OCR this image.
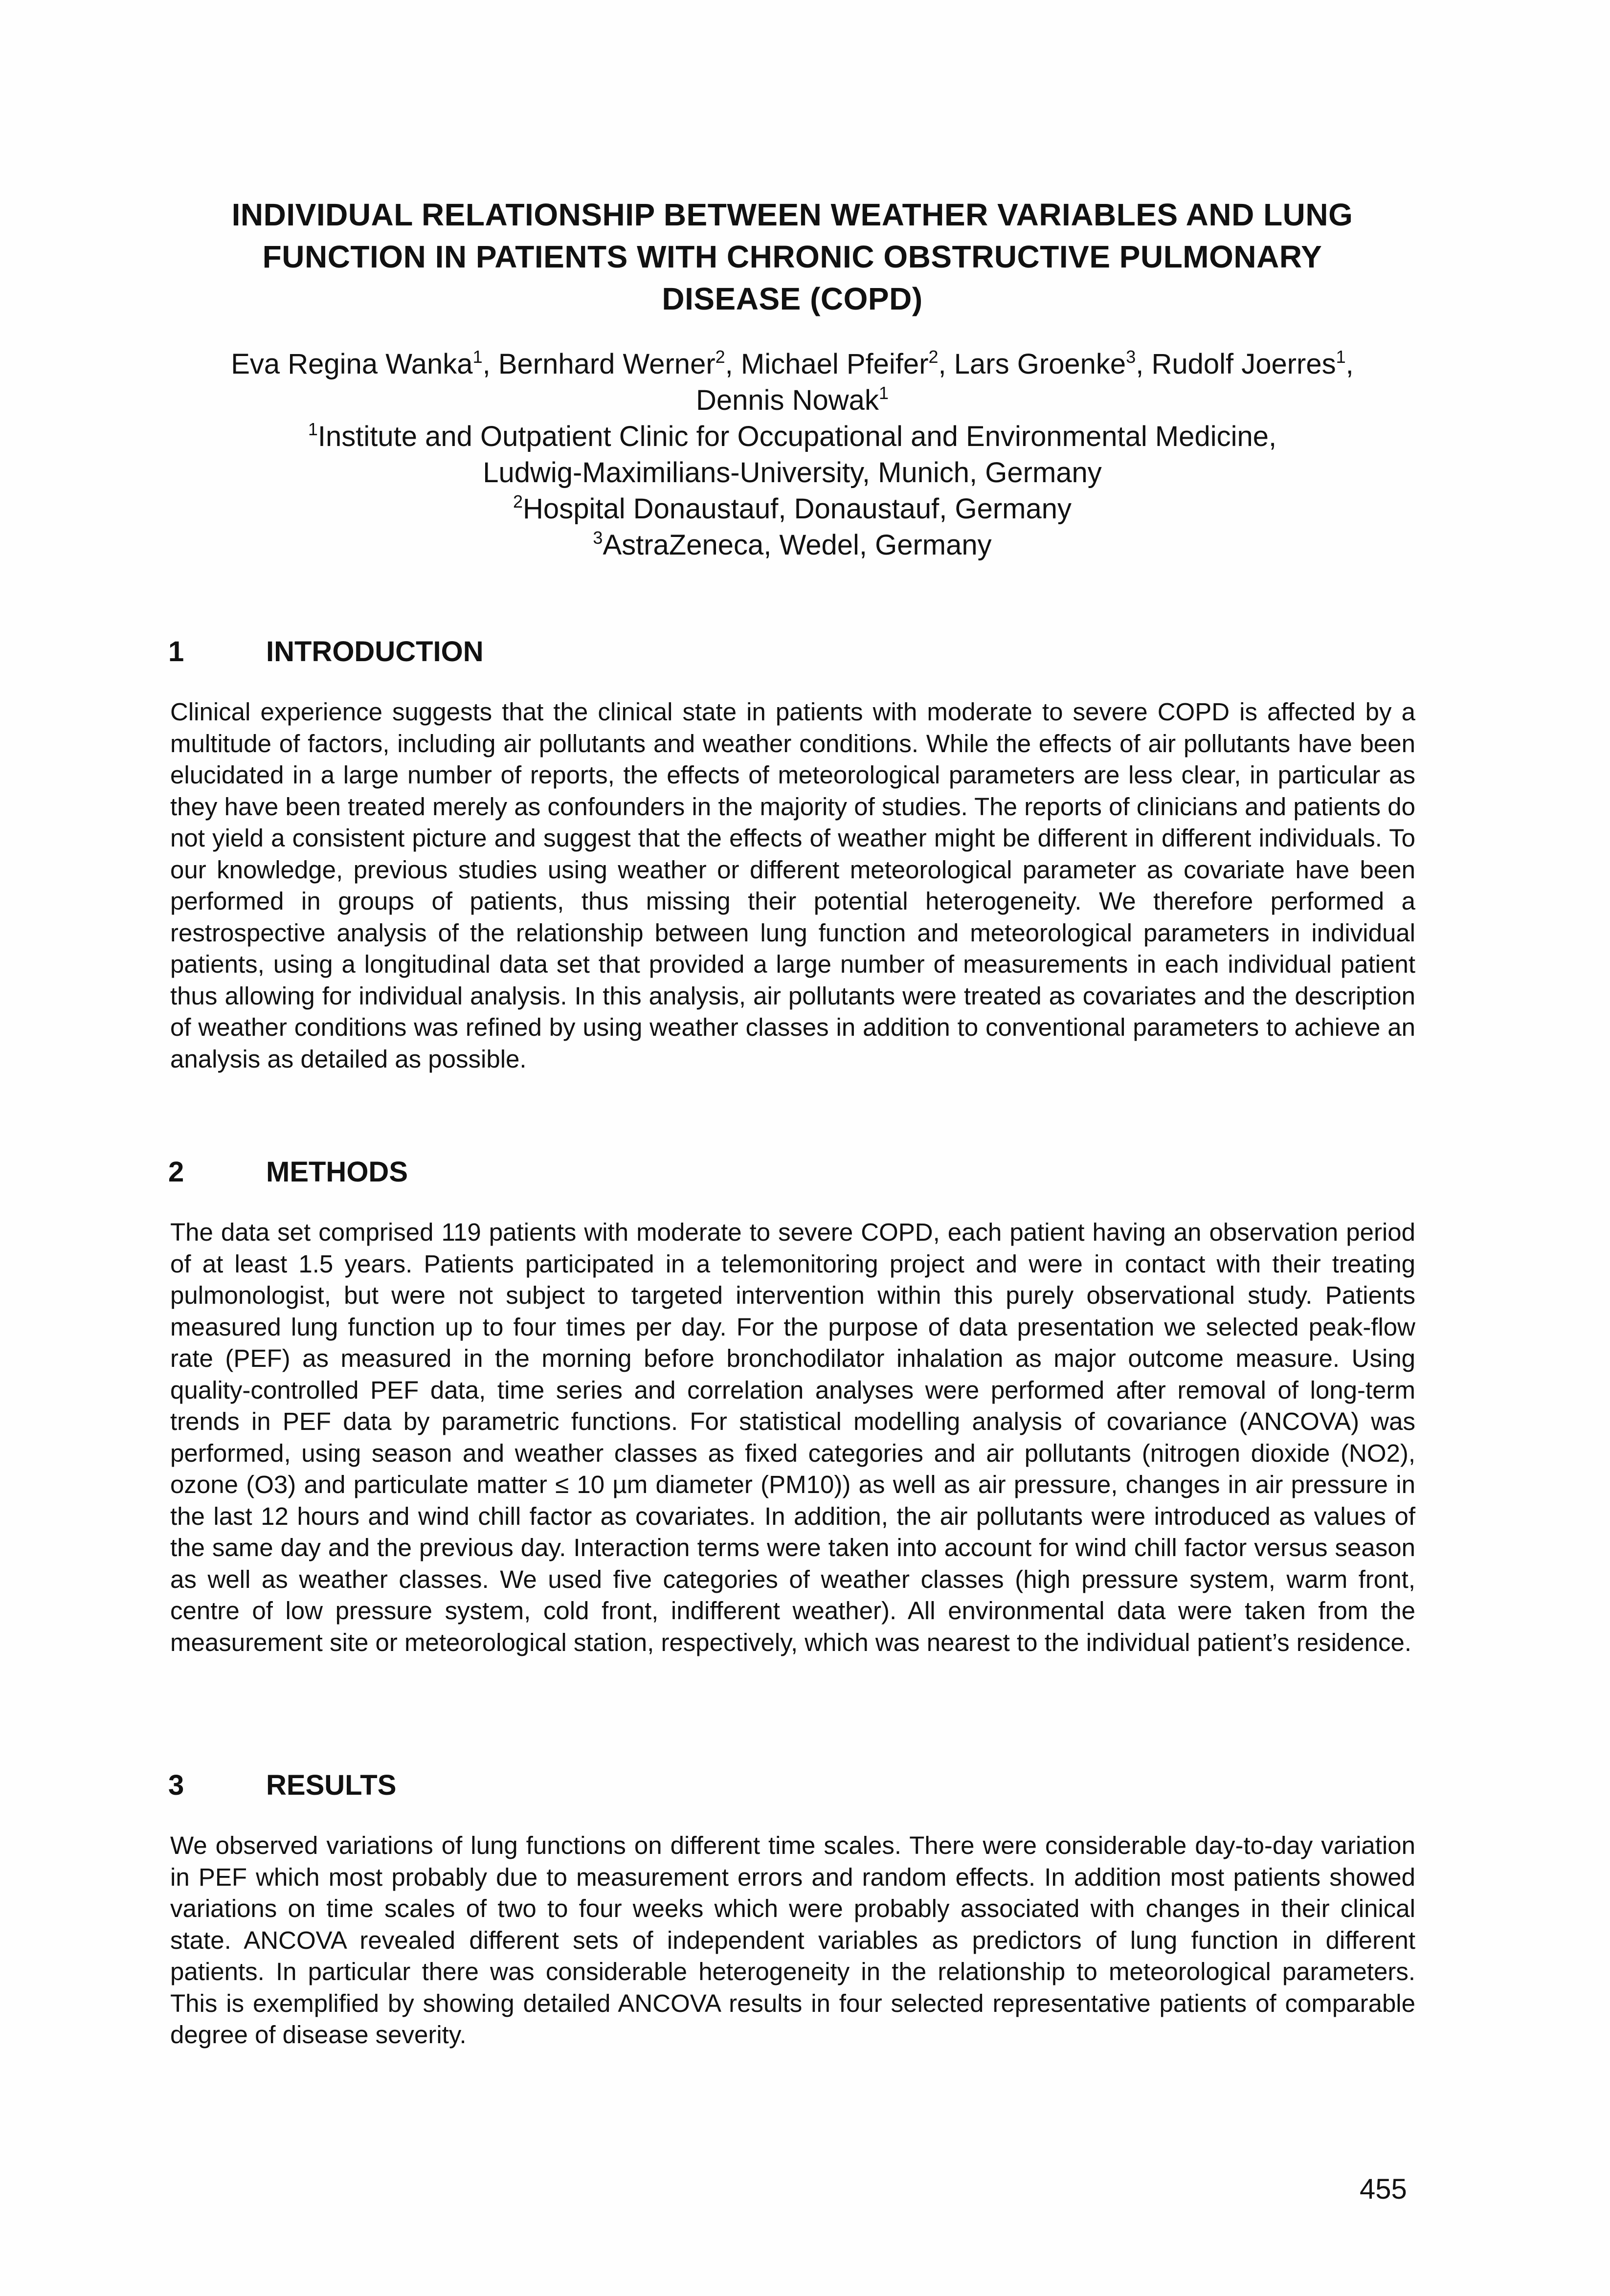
INDIVIDUAL RELATIONSHIP BETWEEN WEATHER VARIABLES AND LUNG
FUNCTION IN PATIENTS WITH CHRONIC OBSTRUCTIVE PULMONARY
DISEASE (COPD)
Eva Regina Wanka$^1$, Bernhard Werner$^2$, Michael Pfeifer$^2$, Lars Groenke$^3$, Rudolf Joerres$^1$,
Dennis Nowak$^1$
$^1$Institute and Outpatient Clinic for Occupational and Environmental Medicine,
Ludwig-Maximilians-University, Munich, Germany
$^2$Hospital Donaustauf, Donaustauf, Germany
$^3$AstraZeneca, Wedel, Germany
1	INTRODUCTION

Clinical experience suggests that the clinical state in patients with moderate to severe COPD is affected by a multitude of factors, including air pollutants and weather conditions. While the effects of air pollutants have been elucidated in a large number of reports, the effects of meteorological parameters are less clear, in particular as they have been treated merely as confounders in the majority of studies. The reports of clinicians and patients do not yield a consistent picture and suggest that the effects of weather might be different in different individuals. To our knowledge, previous studies using weather or different meteorological parameter as covariate have been performed in groups of patients, thus missing their potential heterogeneity. We therefore performed a restrospective analysis of the relationship between lung function and meteorological parameters in individual patients, using a longitudinal data set that provided a large number of measurements in each individual patient thus allowing for individual analysis. In this analysis, air pollutants were treated as covariates and the description of weather conditions was refined by using weather classes in addition to conventional parameters to achieve an analysis as detailed as possible.

2	METHODS

The data set comprised 119 patients with moderate to severe COPD, each patient having an observation period of at least 1.5 years. Patients participated in a telemonitoring project and were in contact with their treating pulmonologist, but were not subject to targeted intervention within this purely observational study. Patients measured lung function up to four times per day. For the purpose of data presentation we selected peak-flow rate (PEF) as measured in the morning before bronchodilator inhalation as major outcome measure. Using quality-controlled PEF data, time series and correlation analyses were performed after removal of long-term trends in PEF data by parametric functions. For statistical modelling analysis of covariance (ANCOVA) was performed, using season and weather classes as fixed categories and air pollutants (nitrogen dioxide (NO2), ozone (O3) and particulate matter ≤ 10 µm diameter (PM10)) as well as air pressure, changes in air pressure in the last 12 hours and wind chill factor as covariates. In addition, the air pollutants were introduced as values of the same day and the previous day. Interaction terms were taken into account for wind chill factor versus season as well as weather classes. We used five categories of weather classes (high pressure system, warm front, centre of low pressure system, cold front, indifferent weather). All environmental data were taken from the measurement site or meteorological station, respectively, which was nearest to the individual patient’s residence.

3	RESULTS

We observed variations of lung functions on different time scales. There were considerable day-to-day variation in PEF which most probably due to measurement errors and random effects. In addition most patients showed variations on time scales of two to four weeks which were probably associated with changes in their clinical state. ANCOVA revealed different sets of independent variables as predictors of lung function in different patients. In particular there was considerable heterogeneity in the relationship to meteorological parameters. This is exemplified by showing detailed ANCOVA results in four selected representative patients of comparable degree of disease severity.

455
